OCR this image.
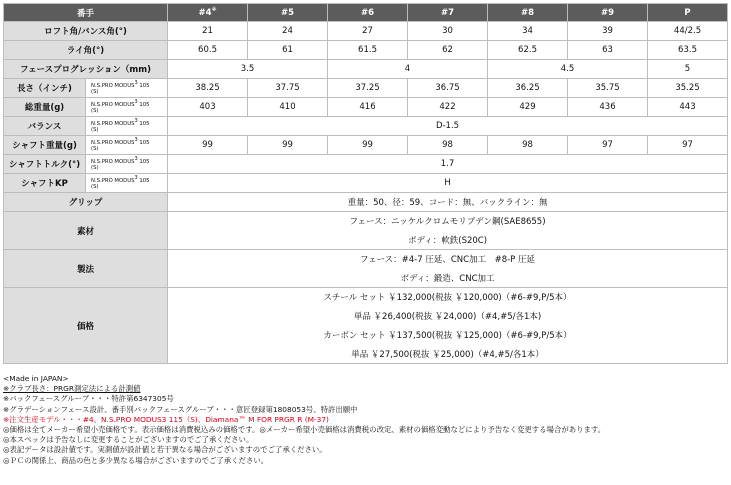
番手		#4※	#5	#6	#7	#8	#9	P
ロフト角/バンス角(°)		21	24	27	30	34	39	44/2.5
ライ角(°)		60.5	61	61.5	62	62.5	63	63.5
フェースプログレッション（mm)		3.5		4		4.5		5
長さ（インチ)	N.S.PRO MODUS$^3$ 105
(S)	38.25	37.75	37.25	36.75	36.25	35.75	35.25
総重量(g)	N.S.PRO MODUS$^3$ 105
(S)	403	410	416	422	429	436	443
バランス	N.S.PRO MODUS$^3$ 105
(S)	D-1.5						
シャフト重量(g)	N.S.PRO MODUS$^3$ 105
(S)	99	99	99	98	98	97	97
シャフトトルク(°)	N.S.PRO MODUS$^3$ 105
(S)	1.7						
シャフトKP	N.S.PRO MODUS$^3$ 105
(S)	H						
グリップ		重量：50、径：59、コード：無、バックライン：無						
素材		フェース：ニッケルクロムモリブデン鋼(SAE8655)						
		ボディ：軟鉄(S20C)						
製法		フェース：#4-7 圧延、CNC加工　#8-P 圧延						
		ボディ：鍛造、CNC加工						
価格		スチール セット ￥132,000(税抜 ￥120,000)（#6-#9,P/5本）						
		単品 ￥26,400(税抜 ￥24,000)（#4,#5/各1本)						
		カーボン セット ￥137,500(税抜 ￥125,000)（#6-#9,P/5本）						
		単品 ￥27,500(税抜 ￥25,000)（#4,#5/各1本）						
<Made in JAPAN>
※クラブ長さ：PRGR測定法による計測値
※バックフェースグルーブ・・・特許第6347305号
※グラデーションフェース設計、番手別バックフェースグルーブ・・・意匠登録第1808053号、特許出願中
※注文生産モデル・・・#4、N.S.PRO MODUS3 115（S)、Diamana™ M FOR PRGR R (M-37)
◎価格は全てメーカー希望小売価格です。表示価格は消費税込みの価格です。◎メーカー希望小売価格は消費税の改定、素材の価格変動などにより予告なく変更する場合があります。
◎本スペックは予告なしに変更することがございますのでご了承ください。
◎表記データは設計値です。実測値が設計値と若干異なる場合がございますのでご了承ください。
◎ＰＣの関係上、商品の色と多少異なる場合がございますのでご了承ください。
